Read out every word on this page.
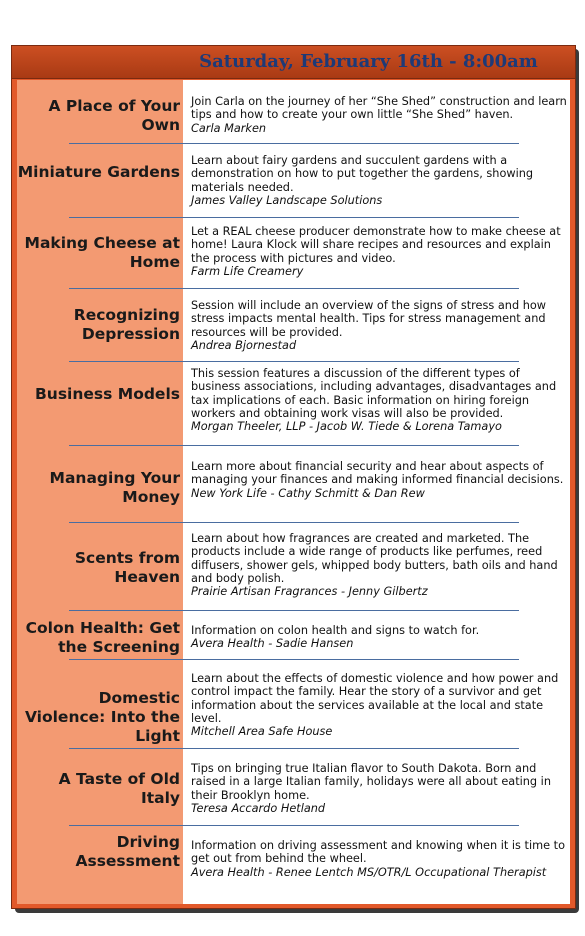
Saturday, February 16th - 8:00am
A Place of Your Own
Join Carla on the journey of her “She Shed” construction and learn tips and how to create your own little “She Shed” haven.
Carla Marken
Miniature Gardens
Learn about fairy gardens and succulent gardens with a demonstration on how to put together the gardens, showing materials needed.
James Valley Landscape Solutions
Making Cheese at Home
Let a REAL cheese producer demonstrate how to make cheese at home! Laura Klock will share recipes and resources and explain the process with pictures and video.
Farm Life Creamery
Recognizing Depression
Session will include an overview of the signs of stress and how stress impacts mental health. Tips for stress management and resources will be provided.
Andrea Bjornestad
Business Models
This session features a discussion of the different types of business associations, including advantages, disadvantages and tax implications of each. Basic information on hiring foreign workers and obtaining work visas will also be provided.
Morgan Theeler, LLP - Jacob W. Tiede & Lorena Tamayo
Managing Your Money
Learn more about financial security and hear about aspects of managing your finances and making informed financial decisions.
New York Life - Cathy Schmitt & Dan Rew
Scents from Heaven
Learn about how fragrances are created and marketed. The products include a wide range of products like perfumes, reed diffusers, shower gels, whipped body butters, bath oils and hand and body polish.
Prairie Artisan Fragrances - Jenny Gilbertz
Colon Health: Get the Screening
Information on colon health and signs to watch for.
Avera Health - Sadie Hansen
Domestic Violence: Into the Light
Learn about the effects of domestic violence and how power and control impact the family. Hear the story of a survivor and get information about the services available at the local and state level.
Mitchell Area Safe House
A Taste of Old Italy
Tips on bringing true Italian flavor to South Dakota. Born and raised in a large Italian family, holidays were all about eating in their Brooklyn home.
Teresa Accardo Hetland
Driving Assessment
Information on driving assessment and knowing when it is time to get out from behind the wheel.
Avera Health - Renee Lentch MS/OTR/L Occupational Therapist
